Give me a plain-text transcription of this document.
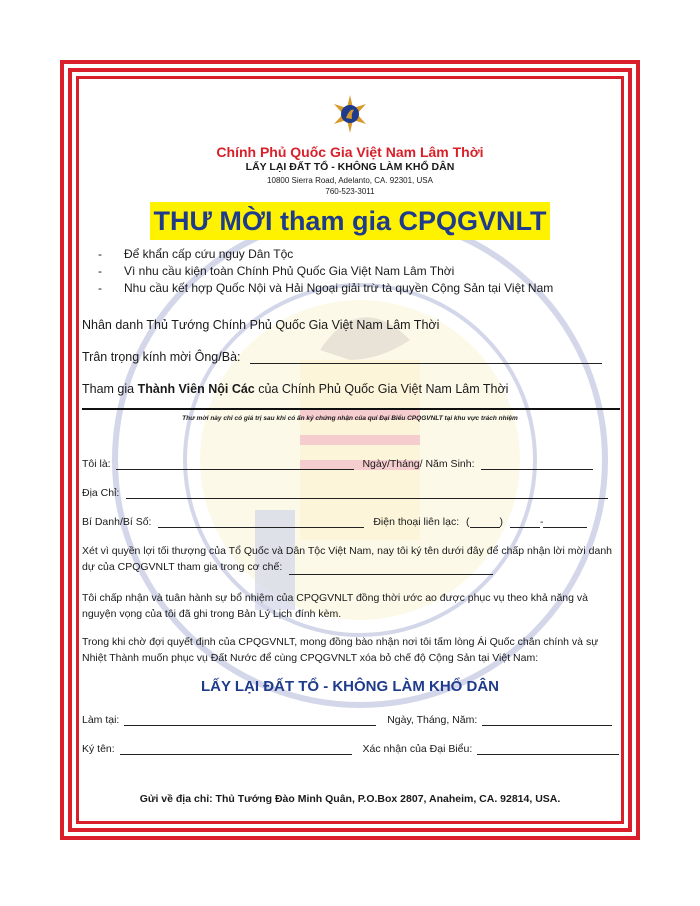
Chính Phủ Quốc Gia Việt Nam Lâm Thời
LẤY LẠI ĐẤT TỔ - KHÔNG LÀM KHỔ DÂN
10800 Sierra Road, Adelanto, CA. 92301, USA
760-523-3011
THƯ MỜI tham gia CPQGVNLT
-	Để khẩn cấp cứu nguy Dân Tộc
-	Vì nhu cầu kiện toàn Chính Phủ Quốc Gia Việt Nam Lâm Thời
-	Nhu cầu kết hợp Quốc Nội và Hải Ngoại giải trừ tà quyền Cộng Sản tại Việt Nam
Nhân danh Thủ Tướng Chính Phủ Quốc Gia Việt Nam Lâm Thời
Trân trọng kính mời Ông/Bà:
Tham gia Thành Viên Nội Các của Chính Phủ Quốc Gia Việt Nam Lâm Thời
Thư mời này chỉ có giá trị sau khi có ấn ký chứng nhận của quí Đại Biểu CPQGVNLT tại khu vực trách nhiệm
Tôi là:	Ngày/Tháng/ Năm Sinh:
Địa Chỉ:
Bí Danh/Bí Số:	Điện thoại liên lạc: (	)	-
Xét vì quyền lợi tối thượng của Tổ Quốc và Dân Tộc Việt Nam, nay tôi ký tên dưới đây để chấp nhận lời mời danh dự của CPQGVNLT tham gia trong cơ chế:
Tôi chấp nhận và tuân hành sự bổ nhiệm của CPQGVNLT đồng thời ước ao được phục vụ theo khả năng và nguyện vọng của tôi đã ghi trong Bản Lý Lịch đính kèm.
Trong khi chờ đợi quyết định của CPQGVNLT, mong đồng bào nhận nơi tôi tấm lòng Ái Quốc chân chính và sự Nhiệt Thành muốn phục vụ Đất Nước để cùng CPQGVNLT xóa bỏ chế độ Cộng Sản tại Việt Nam:
LẤY LẠI ĐẤT TỔ - KHÔNG LÀM KHỔ DÂN
Làm tại:	Ngày, Tháng, Năm:
Ký tên:	Xác nhận của Đại Biểu:
Gửi về địa chỉ: Thủ Tướng Đào Minh Quân, P.O.Box 2807, Anaheim, CA. 92814, USA.
